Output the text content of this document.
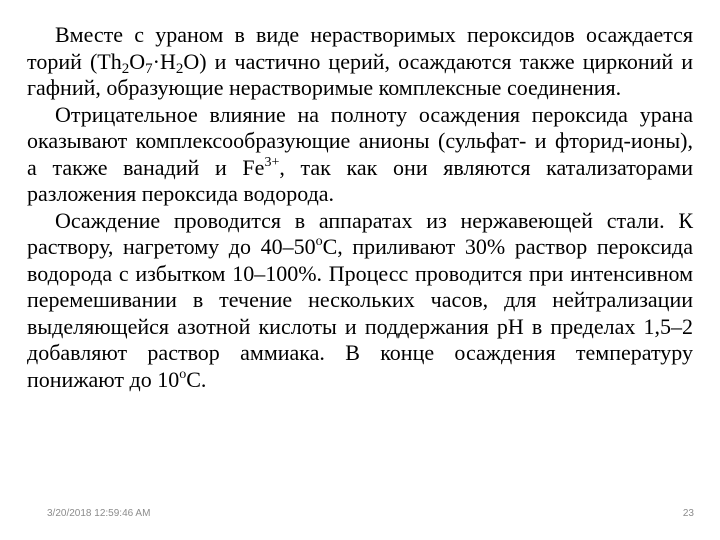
Вместе с ураном в виде нерастворимых пероксидов осаждается торий $(Th_2O_7\cdot H_2O)$ и частично церий, осаждаются также цирконий и гафний, образующие нерастворимые комплексные соединения.

Отрицательное влияние на полноту осаждения пероксида урана оказывают комплексообразующие анионы (сульфат- и фторид-ионы), а также ванадий и $Fe^{3+}$, так как они являются катализаторами разложения пероксида водорода.

Осаждение проводится в аппаратах из нержавеющей стали. К раствору, нагретому до $40-50^оС$, приливают 30% раствор пероксида водорода с избытком 10–100%. Процесс проводится при интенсивном перемешивании в течение нескольких часов, для нейтрализации выделяющейся азотной кислоты и поддержания pH в пределах 1,5–2 добавляют раствор аммиака. В конце осаждения температуру понижают до $10^оС$.

3/20/2018 12:59:46 AM	23
